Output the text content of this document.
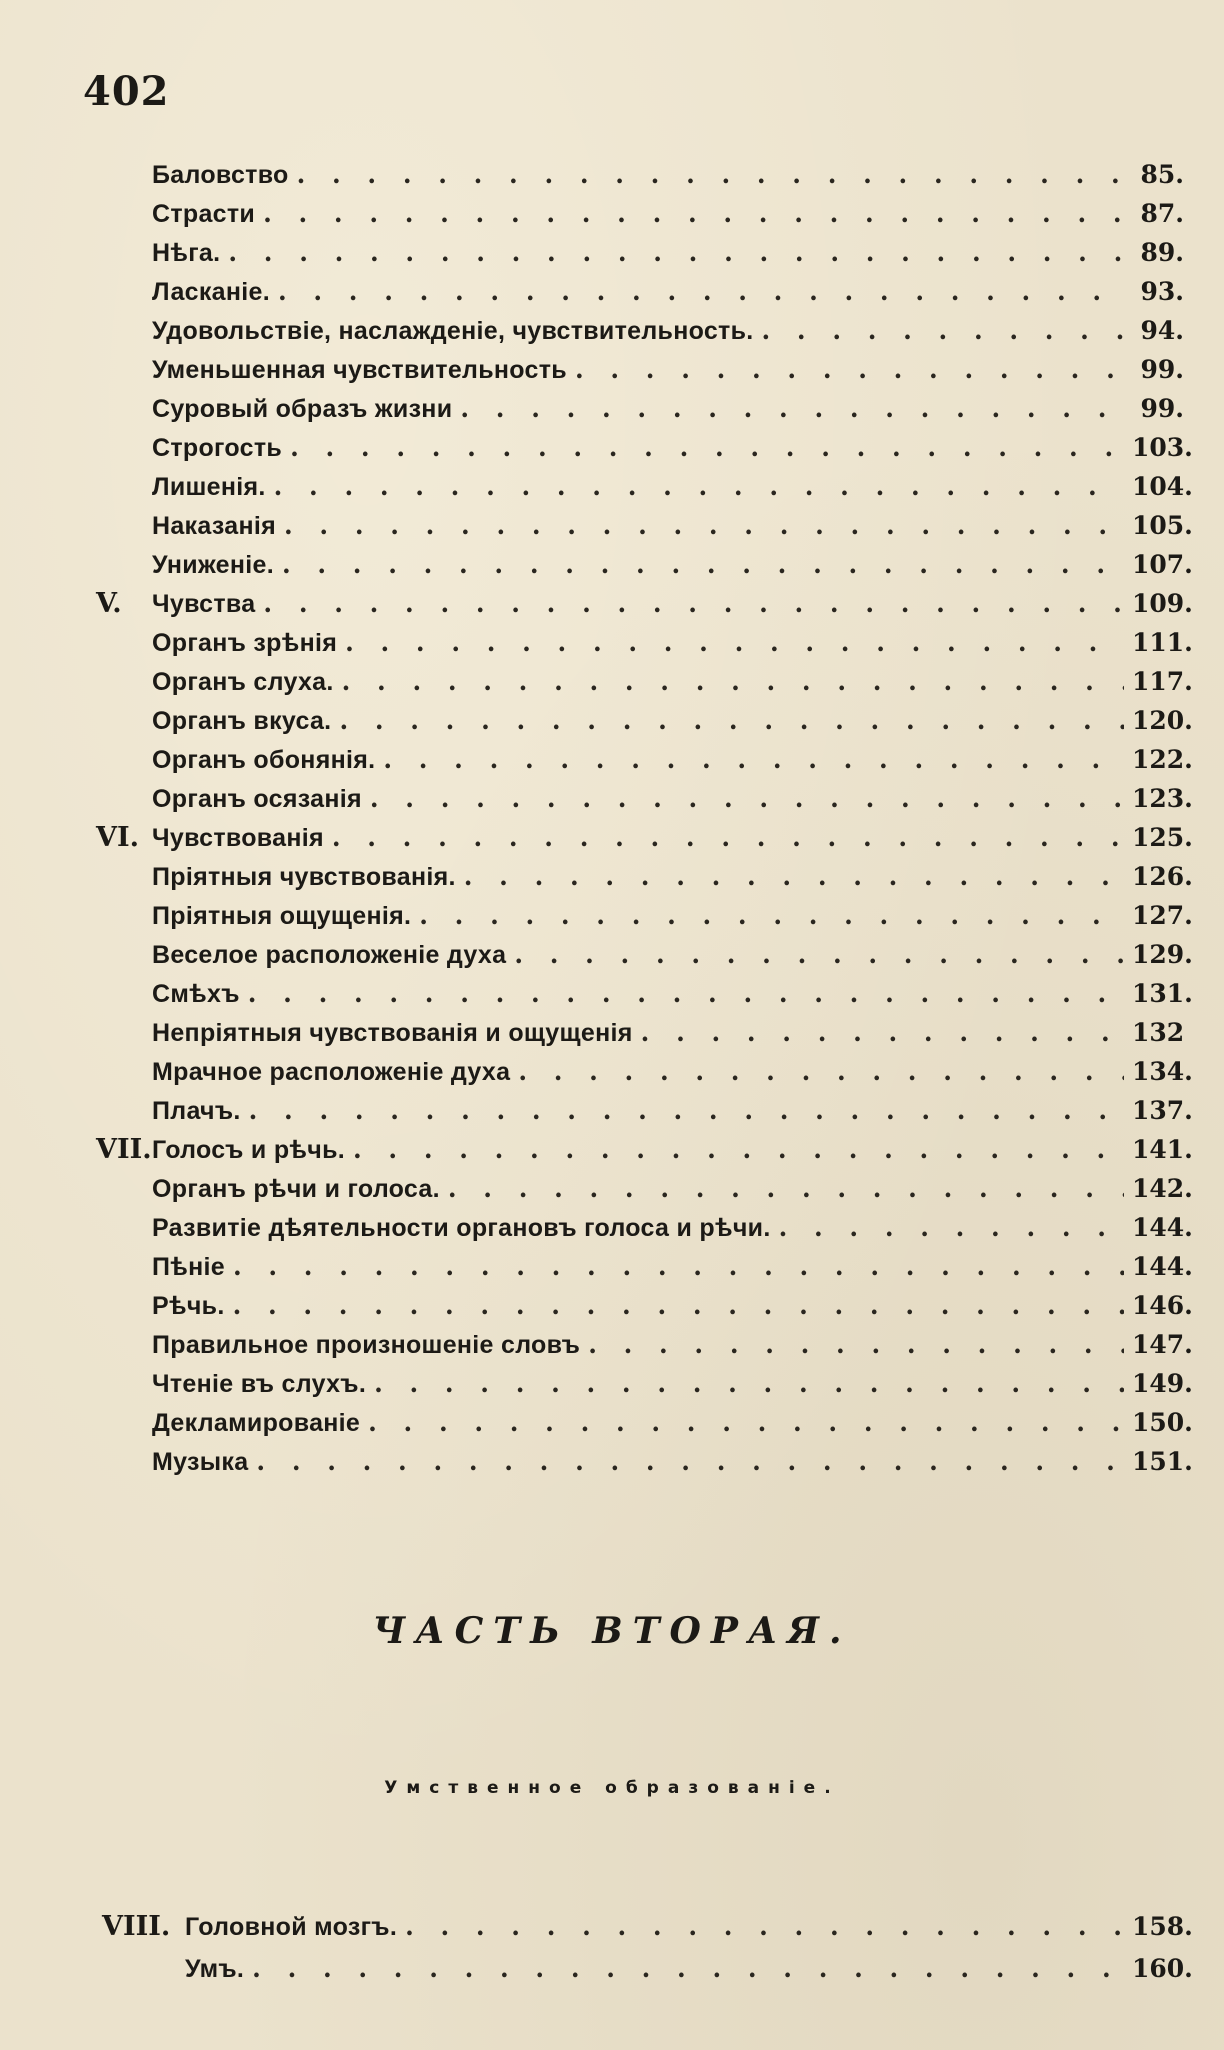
402
Баловство . . .	85.
Страсти . . .	87.
Нѣга. . . .	89.
Ласканіе. . . .	93.
Удовольствіе, наслажденіе, чувствительность. . . .	94.
Уменьшенная чувствительность . . .	99.
Суровый образъ жизни . . .	99.
Строгость . . .	103.
Лишенія. . . .	104.
Наказанія . . .	105.
Униженіе. . . .	107.
V.	Чувства . . .	109.
Органъ зрѣнія . . .	111.
Органъ слуха. . . .	117.
Органъ вкуса. . . .	120.
Органъ обонянія. . . .	122.
Органъ осязанія . . .	123.
VI. Чувствованія . . .	125.
Пріятныя чувствованія. . . .	126.
Пріятныя ощущенія. . . .	127.
Веселое расположеніе духа . . .	129.
Смѣхъ . . .	131.
Непріятныя чувствованія и ощущенія . . .	132
Мрачное расположеніе духа . . .	134.
Плачъ. . . .	137.
VII. Голосъ и рѣчь. . . .	141.
Органъ рѣчи и голоса. . . .	142.
Развитіе дѣятельности органовъ голоса и рѣчи. . . .	144.
Пѣніе . . .	144.
Рѣчь. . . .	146.
Правильное произношеніе словъ . . .	147.
Чтеніе въ слухъ. . . .	149.
Декламированіе . . .	150.
Музыка . . .	151.
ЧАСТЬ ВТОРАЯ.
Умственное образованіе.
VIII. Головной мозгъ. . . .	158.
Умъ. . . .	160.
